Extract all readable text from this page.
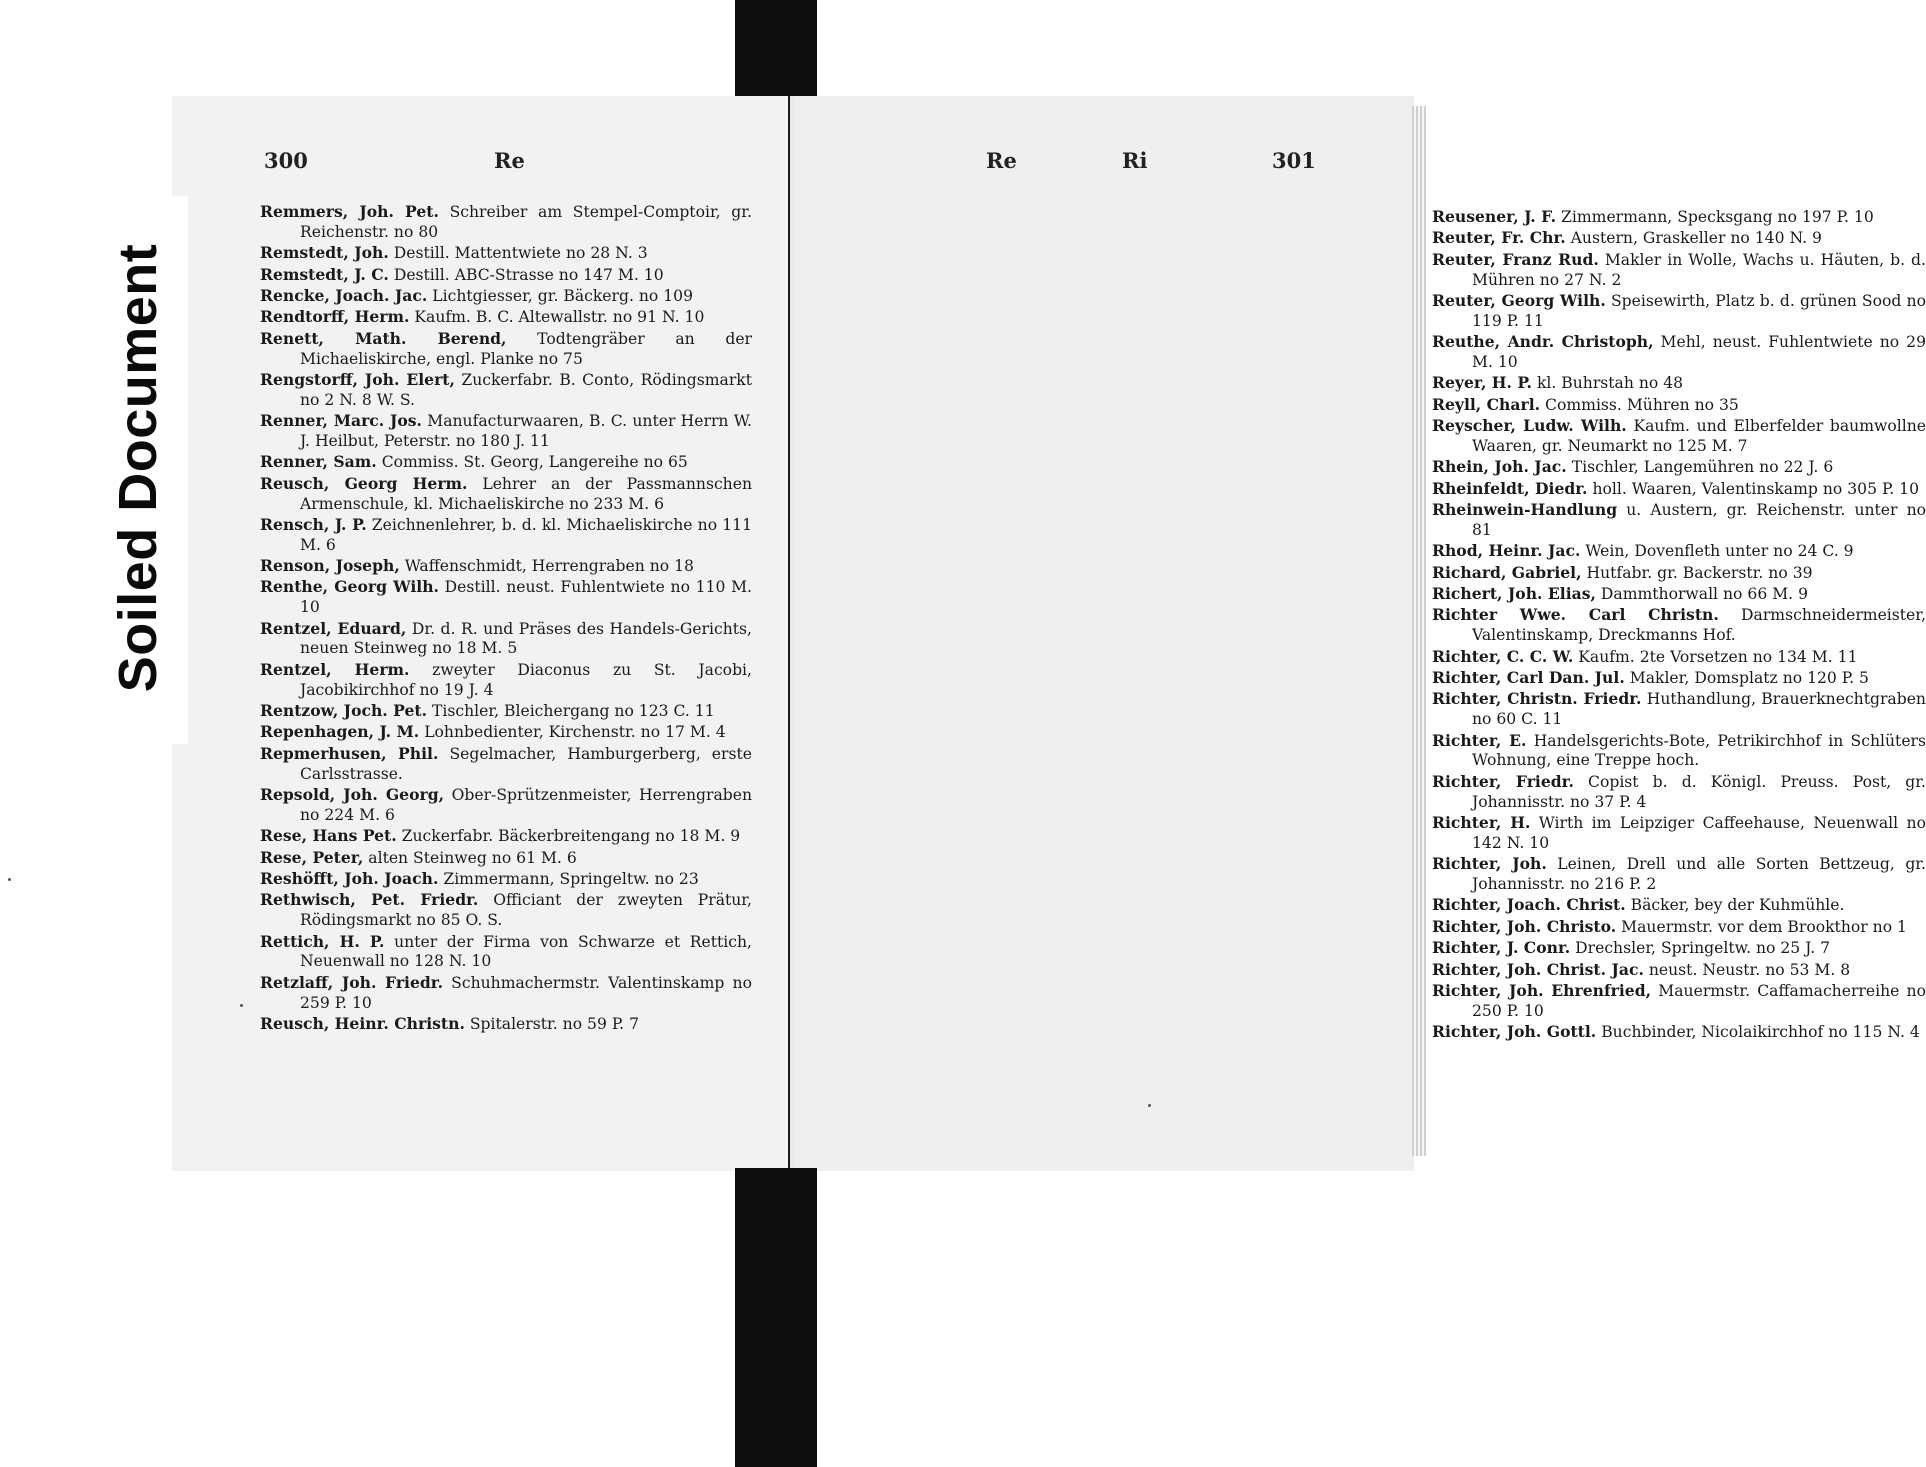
300	Re
Remmers, Joh. Pet. Schreiber am Stempel-Comptoir, gr. Reichenstr. no 80
Remstedt, Joh. Destill. Mattentwiete no 28 N. 3
Remstedt, J. C. Destill. ABC-Strasse no 147 M. 10
Rencke, Joach. Jac. Lichtgiesser, gr. Bäckerg. no 109
Rendtorff, Herm. Kaufm. B. C. Altewallstr. no 91 N. 10
Renett, Math. Berend, Todtengräber an der Michaeliskirche, engl. Planke no 75
Rengstorff, Joh. Elert, Zuckerfabr. B. Conto, Rödingsmarkt no 2 N. 8 W. S.
Renner, Marc. Jos. Manufacturwaaren, B. C. unter Herrn W. J. Heilbut, Peterstr. no 180 J. 11
Renner, Sam. Commiss. St. Georg, Langereihe no 65
Reusch, Georg Herm. Lehrer an der Passmannschen Armenschule, kl. Michaeliskirche no 233 M. 6
Rensch, J. P. Zeichnenlehrer, b. d. kl. Michaeliskirche no 111 M. 6
Renson, Joseph, Waffenschmidt, Herrengraben no 18
Renthe, Georg Wilh. Destill. neust. Fuhlentwiete no 110 M. 10
Rentzel, Eduard, Dr. d. R. und Präses des Handels-Gerichts, neuen Steinweg no 18 M. 5
Rentzel, Herm. zweyter Diaconus zu St. Jacobi, Jacobikirchhof no 19 J. 4
Rentzow, Joch. Pet. Tischler, Bleichergang no 123 C. 11
Repenhagen, J. M. Lohnbedienter, Kirchenstr. no 17 M. 4
Repmerhusen, Phil. Segelmacher, Hamburgerberg, erste Carlsstrasse.
Repsold, Joh. Georg, Ober-Sprützenmeister, Herrengraben no 224 M. 6
Rese, Hans Pet. Zuckerfabr. Bäckerbreitengang no 18 M. 9
Rese, Peter, alten Steinweg no 61 M. 6
Reshöfft, Joh. Joach. Zimmermann, Springeltw. no 23
Rethwisch, Pet. Friedr. Officiant der zweyten Prätur, Rödingsmarkt no 85 O. S.
Rettich, H. P. unter der Firma von Schwarze et Rettich, Neuenwall no 128 N. 10
Retzlaff, Joh. Friedr. Schuhmachermstr. Valentinskamp no 259 P. 10
Reusch, Heinr. Christn. Spitalerstr. no 59 P. 7
Re	Ri	301
Reusener, J. F. Zimmermann, Specksgang no 197 P. 10
Reuter, Fr. Chr. Austern, Graskeller no 140 N. 9
Reuter, Franz Rud. Makler in Wolle, Wachs u. Häuten, b. d. Mühren no 27 N. 2
Reuter, Georg Wilh. Speisewirth, Platz b. d. grünen Sood no 119 P. 11
Reuthe, Andr. Christoph, Mehl, neust. Fuhlentwiete no 29 M. 10
Reyer, H. P. kl. Buhrstah no 48
Reyll, Charl. Commiss. Mühren no 35
Reyscher, Ludw. Wilh. Kaufm. und Elberfelder baumwollne Waaren, gr. Neumarkt no 125 M. 7
Rhein, Joh. Jac. Tischler, Langemühren no 22 J. 6
Rheinfeldt, Diedr. holl. Waaren, Valentinskamp no 305 P. 10
Rheinwein-Handlung u. Austern, gr. Reichenstr. unter no 81
Rhod, Heinr. Jac. Wein, Dovenfleth unter no 24 C. 9
Richard, Gabriel, Hutfabr. gr. Backerstr. no 39
Richert, Joh. Elias, Dammthorwall no 66 M. 9
Richter Wwe. Carl Christn. Darmschneidermeister, Valentinskamp, Dreckmanns Hof.
Richter, C. C. W. Kaufm. 2te Vorsetzen no 134 M. 11
Richter, Carl Dan. Jul. Makler, Domsplatz no 120 P. 5
Richter, Christn. Friedr. Huthandlung, Brauerknechtgraben no 60 C. 11
Richter, E. Handelsgerichts-Bote, Petrikirchhof in Schlüters Wohnung, eine Treppe hoch.
Richter, Friedr. Copist b. d. Königl. Preuss. Post, gr. Johannisstr. no 37 P. 4
Richter, H. Wirth im Leipziger Caffeehause, Neuenwall no 142 N. 10
Richter, Joh. Leinen, Drell und alle Sorten Bettzeug, gr. Johannisstr. no 216 P. 2
Richter, Joach. Christ. Bäcker, bey der Kuhmühle.
Richter, Joh. Christo. Mauermstr. vor dem Brookthor no 1
Richter, J. Conr. Drechsler, Springeltw. no 25 J. 7
Richter, Joh. Christ. Jac. neust. Neustr. no 53 M. 8
Richter, Joh. Ehrenfried, Mauermstr. Caffamacherreihe no 250 P. 10
Richter, Joh. Gottl. Buchbinder, Nicolaikirchhof no 115 N. 4
Soiled Document
